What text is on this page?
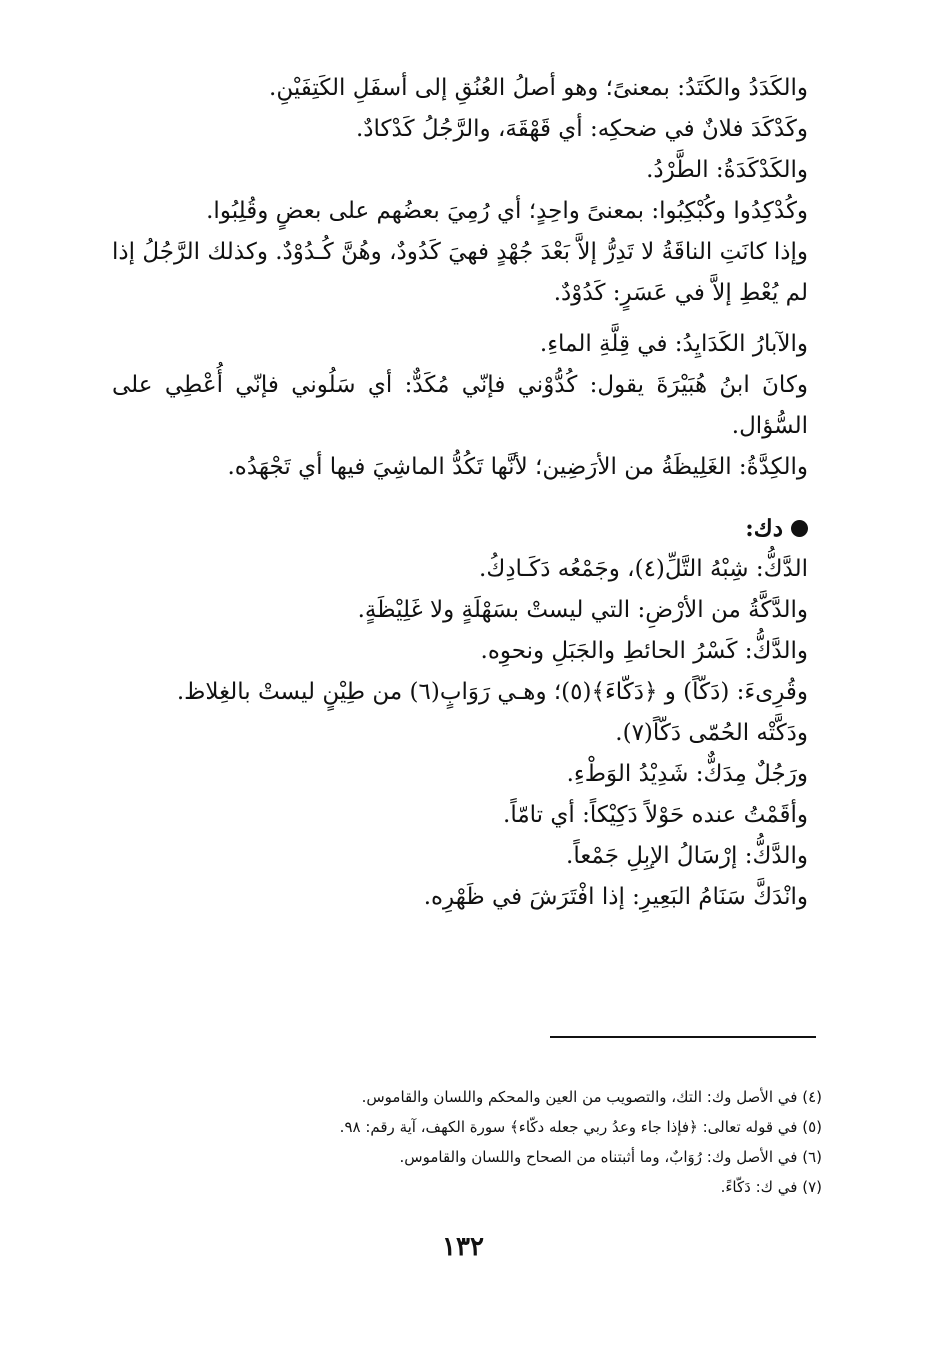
والكَدَدُ والكَتَدُ: بمعنىً؛ وهو أصلُ العُنُقِ إلى أسفَلِ الكَتِفَيْنِ.

وكَدْكَدَ فلانٌ في ضحكِه: أي قَهْقَهَ، والرَّجُلُ كَدْكادٌ.

والكَدْكَدَةُ: الطَّرْدُ.

وكُدْكِدُوا وكُبْكِبُوا: بمعنىً واحِدٍ؛ أي رُمِيَ بعضُهم على بعضٍ وقُلِبُوا.

وإذا كانَتِ الناقَةُ لا تَدِرُّ إلاَّ بَعْدَ جُهْدٍ فهيَ كَدُودٌ، وهُنَّ كُـدُوْدٌ. وكذلك الرَّجُلُ إذا لم يُعْطِ إلاَّ في عَسَرٍ: كَدُوْدٌ.

والآبارُ الكَدَايِدُ: في قِلَّةِ الماءِ.

وكانَ ابنُ هُبَيْرَةَ يقول: كُدُّوْني فإنّي مُكَدٌّ: أي سَلُوني فإنّي أُعْطِي على السُّؤال.

والكِدَّةُ: الغَلِيظَةُ من الأرَضِين؛ لأنَّها تَكُدُّ الماشِيَ فيها أي تَجْهَدُه.

دك:

الدَّكُّ: شِبْهُ التَّلِّ(٤)، وجَمْعُه دَكَـادِكُ.

والدَّكَّةُ من الأرْضِ: التي ليستْ بسَهْلَةٍ ولا غَلِيْظَةٍ.

والدَّكُّ: كَسْرُ الحائطِ والجَبَلِ ونحوِه.

وقُرِىءَ: (دَكّاً) و ﴿دَكّاءَ﴾(٥)؛ وهـي رَوَابٍ(٦) من طِيْنٍ ليستْ بالغِلاظ.

ودَكَّتْه الحُمّى دَكّاً(٧).

ورَجُلٌ مِدَكٌّ: شَدِيْدُ الوَطْءِ.

وأقَمْتُ عنده حَوْلاً دَكِيْكاً: أي تامّاً.

والدَّكُّ: إرْسَالُ الإبِلِ جَمْعاً.

وانْدَكَّ سَنَامُ البَعِيرِ: إذا افْتَرَشَ في ظَهْرِه.

(٤) في الأصل وك: التك، والتصويب من العين والمحكم واللسان والقاموس.

(٥) في قوله تعالى: ﴿فإذا جاء وعدُ ربي جعله دكّاء﴾ سورة الكهف، آية رقم: ٩٨.

(٦) في الأصل وك: رُوَابٌ، وما أثبتناه من الصحاح واللسان والقاموس.

(٧) في ك: دَكّاءً.

١٣٢
